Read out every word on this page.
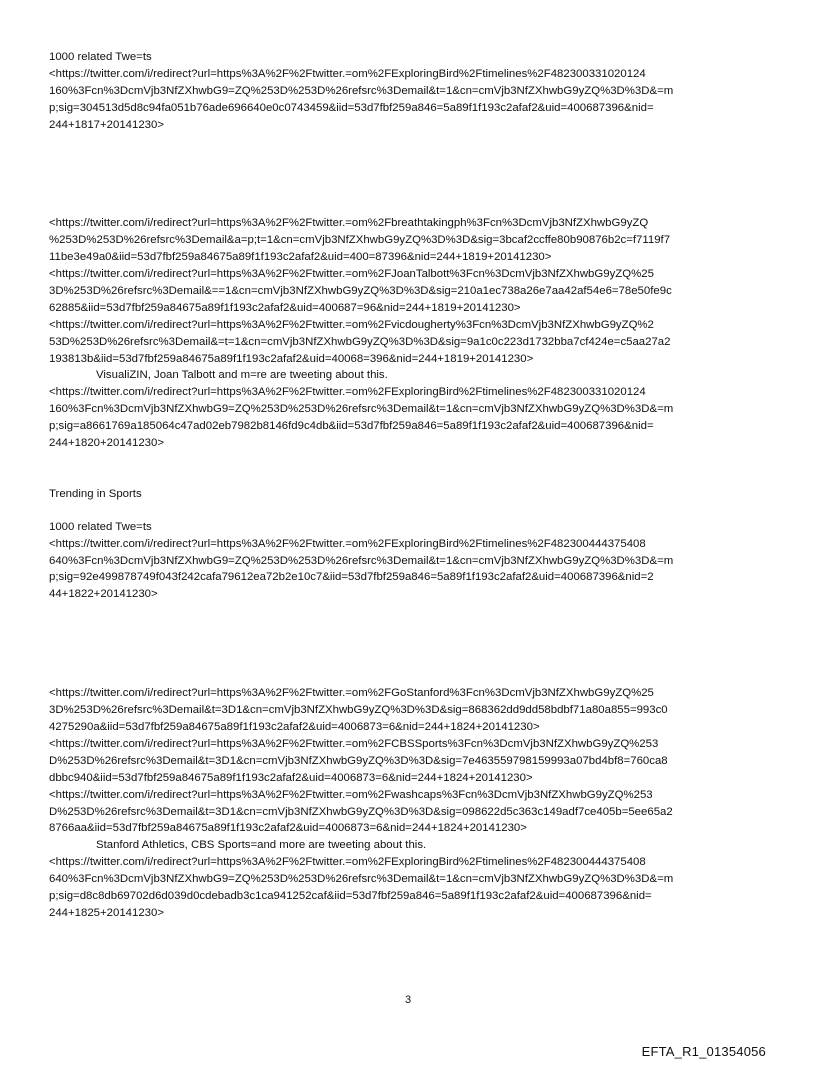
1000 related Twe=ts
<https://twitter.com/i/redirect?url=https%3A%2F%2Ftwitter.=om%2FExploringBird%2Ftimelines%2F482300331020124
160%3Fcn%3DcmVjb3NfZXhwbG9=ZQ%253D%253D%26refsrc%3Demail&t=1&cn=cmVjb3NfZXhwbG9yZQ%3D%3D&=m
p;sig=304513d5d8c94fa051b76ade696640e0c0743459&iid=53d7fbf259a846=5a89f1f193c2afaf2&uid=400687396&nid=
244+1817+20141230>
<https://twitter.com/i/redirect?url=https%3A%2F%2Ftwitter.=om%2Fbreathtakingph%3Fcn%3DcmVjb3NfZXhwbG9yZQ
%253D%253D%26refsrc%3Demail&a=p;t=1&cn=cmVjb3NfZXhwbG9yZQ%3D%3D&sig=3bcaf2ccffe80b90876b2c=f7119f7
11be3e49a0&iid=53d7fbf259a84675a89f1f193c2afaf2&uid=400=87396&nid=244+1819+20141230>
<https://twitter.com/i/redirect?url=https%3A%2F%2Ftwitter.=om%2FJoanTalbott%3Fcn%3DcmVjb3NfZXhwbG9yZQ%25
3D%253D%26refsrc%3Demail&==1&cn=cmVjb3NfZXhwbG9yZQ%3D%3D&sig=210a1ec738a26e7aa42af54e6=78e50fe9c
62885&iid=53d7fbf259a84675a89f1f193c2afaf2&uid=400687=96&nid=244+1819+20141230>
<https://twitter.com/i/redirect?url=https%3A%2F%2Ftwitter.=om%2Fvicdougherty%3Fcn%3DcmVjb3NfZXhwbG9yZQ%2
53D%253D%26refsrc%3Demail&=t=1&cn=cmVjb3NfZXhwbG9yZQ%3D%3D&sig=9a1c0c223d1732bba7cf424e=c5aa27a2
193813b&iid=53d7fbf259a84675a89f1f193c2afaf2&uid=40068=396&nid=244+1819+20141230>
VisualiZIN, Joan Talbott and m=re are tweeting about this.
<https://twitter.com/i/redirect?url=https%3A%2F%2Ftwitter.=om%2FExploringBird%2Ftimelines%2F482300331020124
160%3Fcn%3DcmVjb3NfZXhwbG9=ZQ%253D%253D%26refsrc%3Demail&t=1&cn=cmVjb3NfZXhwbG9yZQ%3D%3D&=m
p;sig=a8661769a185064c47ad02eb7982b8146fd9c4db&iid=53d7fbf259a846=5a89f1f193c2afaf2&uid=400687396&nid=
244+1820+20141230>
Trending in Sports
1000 related Twe=ts
<https://twitter.com/i/redirect?url=https%3A%2F%2Ftwitter.=om%2FExploringBird%2Ftimelines%2F482300444375408
640%3Fcn%3DcmVjb3NfZXhwbG9=ZQ%253D%253D%26refsrc%3Demail&t=1&cn=cmVjb3NfZXhwbG9yZQ%3D%3D&=m
p;sig=92e499878749f043f242cafa79612ea72b2e10c7&iid=53d7fbf259a846=5a89f1f193c2afaf2&uid=400687396&nid=2
44+1822+20141230>
<https://twitter.com/i/redirect?url=https%3A%2F%2Ftwitter.=om%2FGoStanford%3Fcn%3DcmVjb3NfZXhwbG9yZQ%25
3D%253D%26refsrc%3Demail&t=3D1&cn=cmVjb3NfZXhwbG9yZQ%3D%3D&sig=868362dd9dd58bdbf71a80a855=993c0
4275290a&iid=53d7fbf259a84675a89f1f193c2afaf2&uid=4006873=6&nid=244+1824+20141230>
<https://twitter.com/i/redirect?url=https%3A%2F%2Ftwitter.=om%2FCBSSports%3Fcn%3DcmVjb3NfZXhwbG9yZQ%253
D%253D%26refsrc%3Demail&t=3D1&cn=cmVjb3NfZXhwbG9yZQ%3D%3D&sig=7e463559798159993a07bd4bf8=760ca8
dbbc940&iid=53d7fbf259a84675a89f1f193c2afaf2&uid=4006873=6&nid=244+1824+20141230>
<https://twitter.com/i/redirect?url=https%3A%2F%2Ftwitter.=om%2Fwashcaps%3Fcn%3DcmVjb3NfZXhwbG9yZQ%253
D%253D%26refsrc%3Demail&t=3D1&cn=cmVjb3NfZXhwbG9yZQ%3D%3D&sig=098622d5c363c149adf7ce405b=5ee65a2
8766aa&iid=53d7fbf259a84675a89f1f193c2afaf2&uid=4006873=6&nid=244+1824+20141230>
Stanford Athletics, CBS Sports=and more are tweeting about this.
<https://twitter.com/i/redirect?url=https%3A%2F%2Ftwitter.=om%2FExploringBird%2Ftimelines%2F482300444375408
640%3Fcn%3DcmVjb3NfZXhwbG9=ZQ%253D%253D%26refsrc%3Demail&t=1&cn=cmVjb3NfZXhwbG9yZQ%3D%3D&=m
p;sig=d8c8db69702d6d039d0cdebadb3c1ca941252caf&iid=53d7fbf259a846=5a89f1f193c2afaf2&uid=400687396&nid=
244+1825+20141230>
3
EFTA_R1_01354056
